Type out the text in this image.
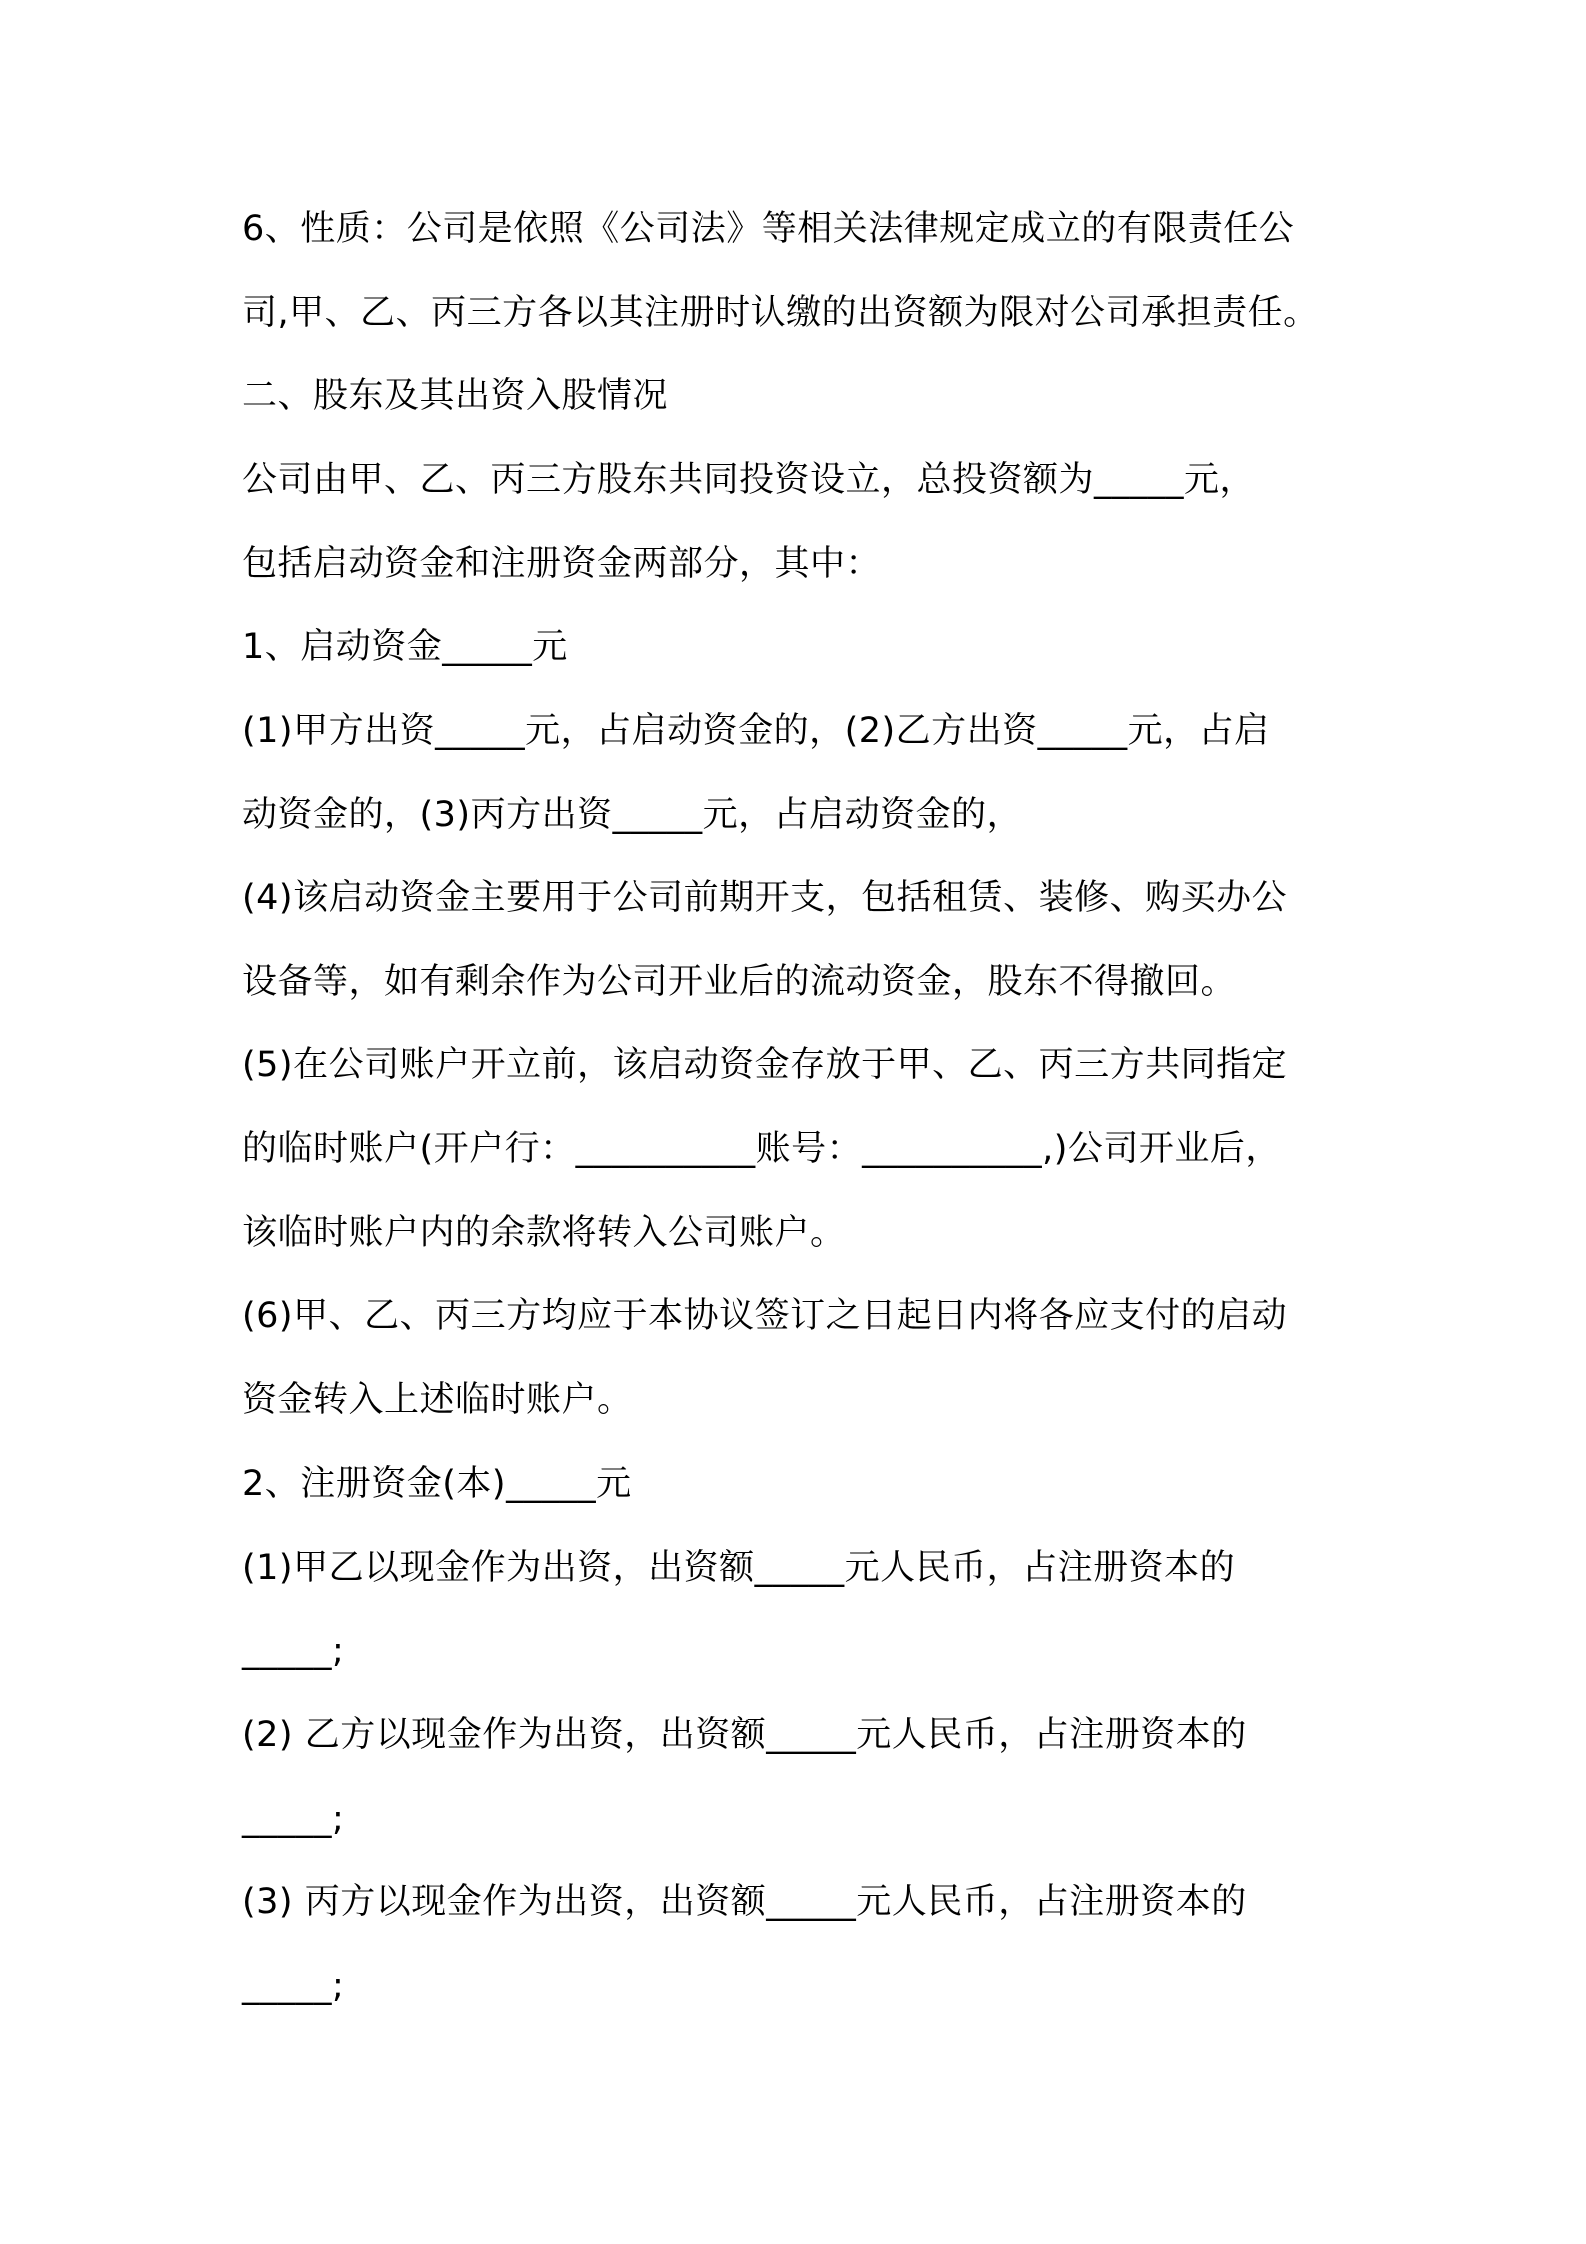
6、性质：公司是依照《公司法》等相关法律规定成立的有限责任公

司,甲、乙、丙三方各以其注册时认缴的出资额为限对公司承担责任。

二、股东及其出资入股情况

公司由甲、乙、丙三方股东共同投资设立，总投资额为_____元，

包括启动资金和注册资金两部分，其中：

1、启动资金_____元

(1)甲方出资_____元，占启动资金的，(2)乙方出资_____元，占启

动资金的，(3)丙方出资_____元，占启动资金的，

(4)该启动资金主要用于公司前期开支，包括租赁、装修、购买办公

设备等，如有剩余作为公司开业后的流动资金，股东不得撤回。

(5)在公司账户开立前，该启动资金存放于甲、乙、丙三方共同指定

的临时账户(开户行：__________账号：__________,)公司开业后，

该临时账户内的余款将转入公司账户。

(6)甲、乙、丙三方均应于本协议签订之日起日内将各应支付的启动

资金转入上述临时账户。

2、注册资金(本)_____元

(1)甲乙以现金作为出资，出资额_____元人民币，占注册资本的

_____;

(2) 乙方以现金作为出资，出资额_____元人民币，占注册资本的

_____;

(3) 丙方以现金作为出资，出资额_____元人民币，占注册资本的

_____;
